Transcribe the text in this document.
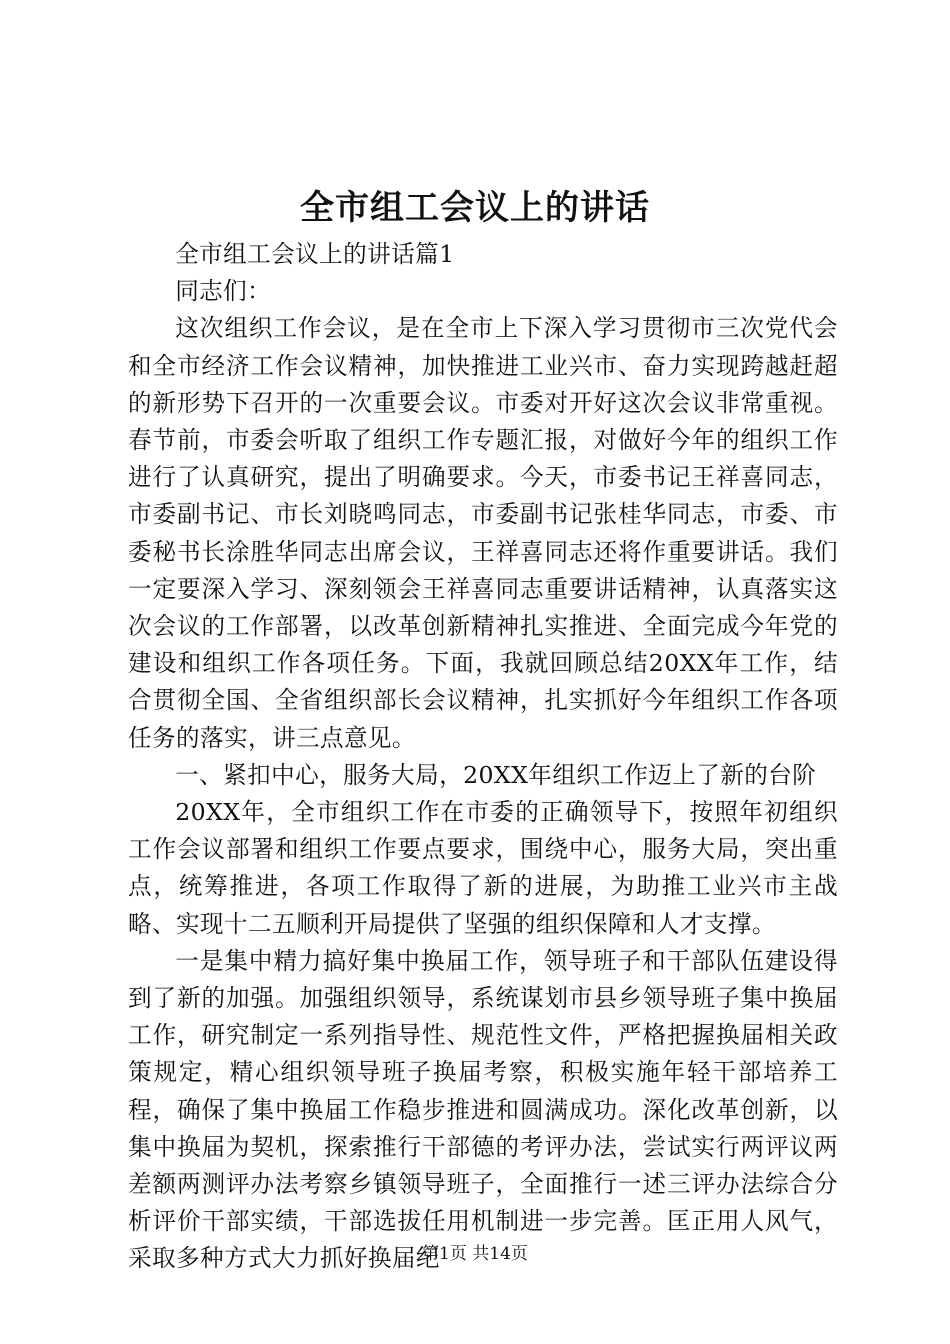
全市组工会议上的讲话

全市组工会议上的讲话篇1

同志们：

这次组织工作会议，是在全市上下深入学习贯彻市三次党代会和全市经济工作会议精神，加快推进工业兴市、奋力实现跨越赶超的新形势下召开的一次重要会议。市委对开好这次会议非常重视。春节前，市委会听取了组织工作专题汇报，对做好今年的组织工作进行了认真研究，提出了明确要求。今天，市委书记王祥喜同志，市委副书记、市长刘晓鸣同志，市委副书记张桂华同志，市委、市委秘书长涂胜华同志出席会议，王祥喜同志还将作重要讲话。我们一定要深入学习、深刻领会王祥喜同志重要讲话精神，认真落实这次会议的工作部署，以改革创新精神扎实推进、全面完成今年党的建设和组织工作各项任务。下面，我就回顾总结20XX年工作，结合贯彻全国、全省组织部长会议精神，扎实抓好今年组织工作各项任务的落实，讲三点意见。

一、紧扣中心，服务大局，20XX年组织工作迈上了新的台阶

20XX年，全市组织工作在市委的正确领导下，按照年初组织工作会议部署和组织工作要点要求，围绕中心，服务大局，突出重点，统筹推进，各项工作取得了新的进展，为助推工业兴市主战略、实现十二五顺利开局提供了坚强的组织保障和人才支撑。

一是集中精力搞好集中换届工作，领导班子和干部队伍建设得到了新的加强。加强组织领导，系统谋划市县乡领导班子集中换届工作，研究制定一系列指导性、规范性文件，严格把握换届相关政策规定，精心组织领导班子换届考察，积极实施年轻干部培养工程，确保了集中换届工作稳步推进和圆满成功。深化改革创新，以集中换届为契机，探索推行干部德的考评办法，尝试实行两评议两差额两测评办法考察乡镇领导班子，全面推行一述三评办法综合分析评价干部实绩，干部选拔任用机制进一步完善。匡正用人风气，采取多种方式大力抓好换届纪

第1页 共14页
